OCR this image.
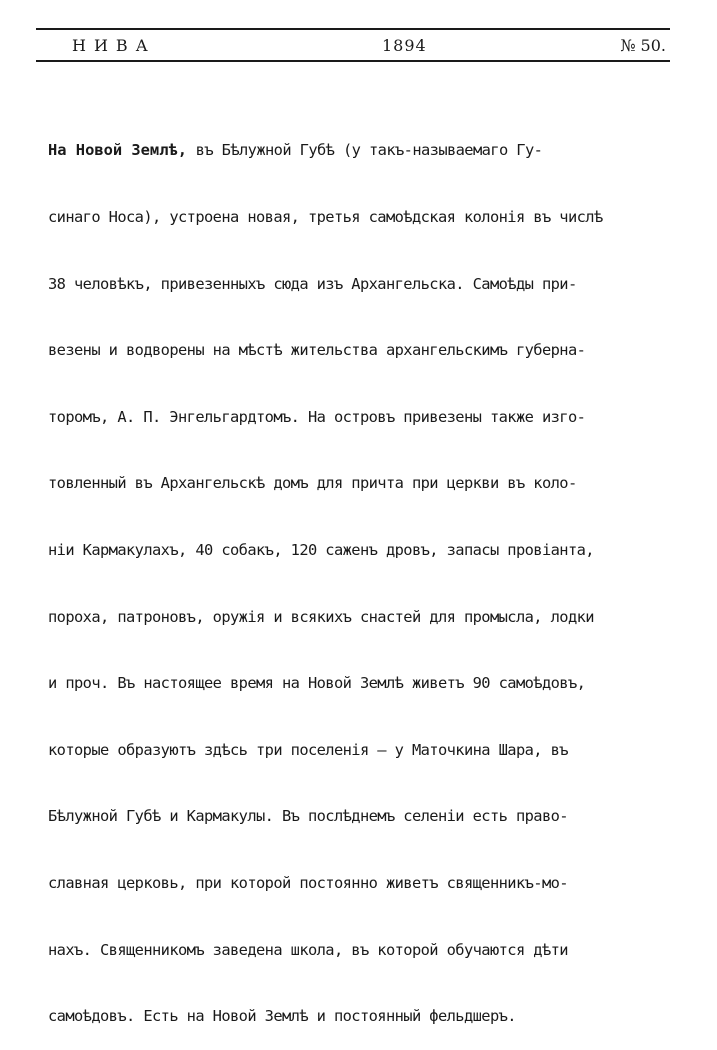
НИВА	1894	№ 50.

На Новой Землѣ, въ Бѣлужной Губѣ (у такъ-называемаго Гу-

синаго Носа), устроена новая, третья самоѣдская колонія въ числѣ

38 человѣкъ, привезенныхъ сюда изъ Архангельска. Самоѣды при-

везены и водворены на мѣстѣ жительства архангельскимъ губерна-

торомъ, А. П. Энгельгардтомъ. На островъ привезены также изго-

товленный въ Архангельскѣ домъ для причта при церкви въ коло-

ніи Кармакулахъ, 40 собакъ, 120 саженъ дровъ, запасы провіанта,

пороха, патроновъ, оружія и всякихъ снастей для промысла, лодки

и проч. Въ настоящее время на Новой Землѣ живетъ 90 самоѣдовъ,

которые образуютъ здѣсь три поселенія — у Маточкина Шара, въ

Бѣлужной Губѣ и Кармакулы. Въ послѣднемъ селеніи есть право-

славная церковь, при которой постоянно живетъ священникъ-мо-

нахъ. Священникомъ заведена школа, въ которой обучаются дѣти

самоѣдовъ. Есть на Новой Землѣ и постоянный фельдшеръ.
